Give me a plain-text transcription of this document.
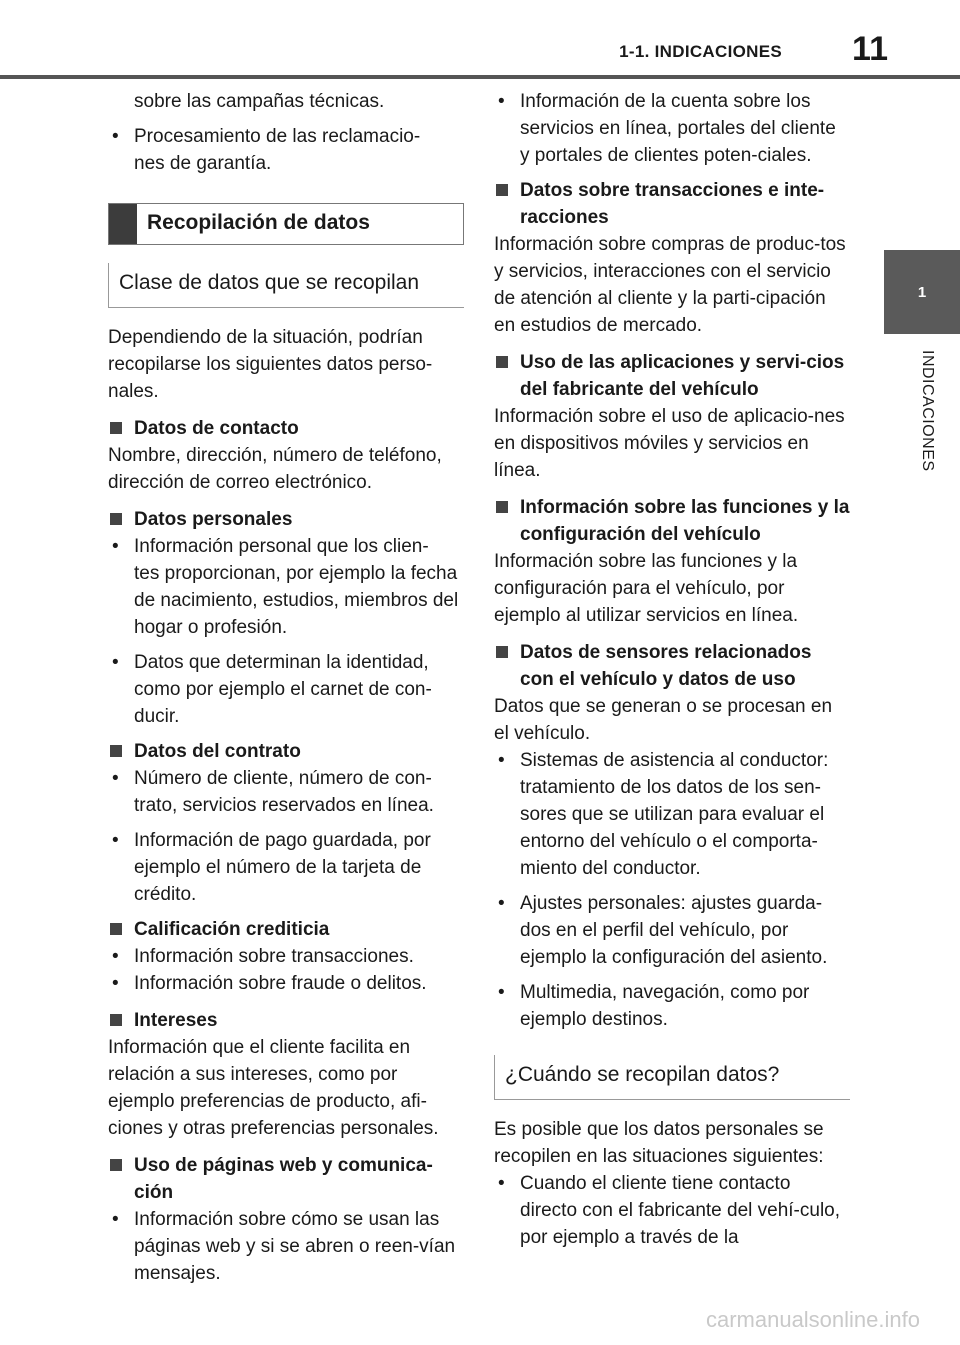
1-1. INDICACIONES 11
1
INDICACIONES

sobre las campañas técnicas.

• Procesamiento de las reclamacio-

nes de garantía.

Recopilación de datos
Clase de datos que se recopilan

Dependiendo de la situación, podrían recopilarse los siguientes datos perso-nales.

Datos de contacto

Nombre, dirección, número de teléfono, dirección de correo electrónico.

Datos personales

• Información personal que los clien-

tes proporcionan, por ejemplo la fecha de nacimiento, estudios, miembros del hogar o profesión.

• Datos que determinan la identidad,

como por ejemplo el carnet de con-ducir.

Datos del contrato

• Número de cliente, número de con-

trato, servicios reservados en línea.

• Información de pago guardada, por

ejemplo el número de la tarjeta de crédito.

Calificación crediticia

• Información sobre transacciones.

• Información sobre fraude o delitos.

Intereses

Información que el cliente facilita en relación a sus intereses, como por ejemplo preferencias de producto, afi-ciones y otras preferencias personales.

Uso de páginas web y comunica-ción

• Información sobre cómo se usan las

páginas web y si se abren o reen-vían mensajes.

• Información de la cuenta sobre los

servicios en línea, portales del cliente y portales de clientes poten-ciales.

Datos sobre transacciones e inte-racciones

Información sobre compras de produc-tos y servicios, interacciones con el servicio de atención al cliente y la parti-cipación en estudios de mercado.

Uso de las aplicaciones y servi-cios del fabricante del vehículo

Información sobre el uso de aplicacio-nes en dispositivos móviles y servicios en línea.

Información sobre las funciones y la configuración del vehículo

Información sobre las funciones y la configuración para el vehículo, por ejemplo al utilizar servicios en línea.

Datos de sensores relacionados con el vehículo y datos de uso

Datos que se generan o se procesan en el vehículo.

• Sistemas de asistencia al conductor:

tratamiento de los datos de los sen-sores que se utilizan para evaluar el entorno del vehículo o el comporta-miento del conductor.

• Ajustes personales: ajustes guarda-

dos en el perfil del vehículo, por ejemplo la configuración del asiento.

• Multimedia, navegación, como por

ejemplo destinos.

¿Cuándo se recopilan datos?

Es posible que los datos personales se recopilen en las situaciones siguientes:

• Cuando el cliente tiene contacto

directo con el fabricante del vehí-culo, por ejemplo a través de la

carmanualsonline.info
